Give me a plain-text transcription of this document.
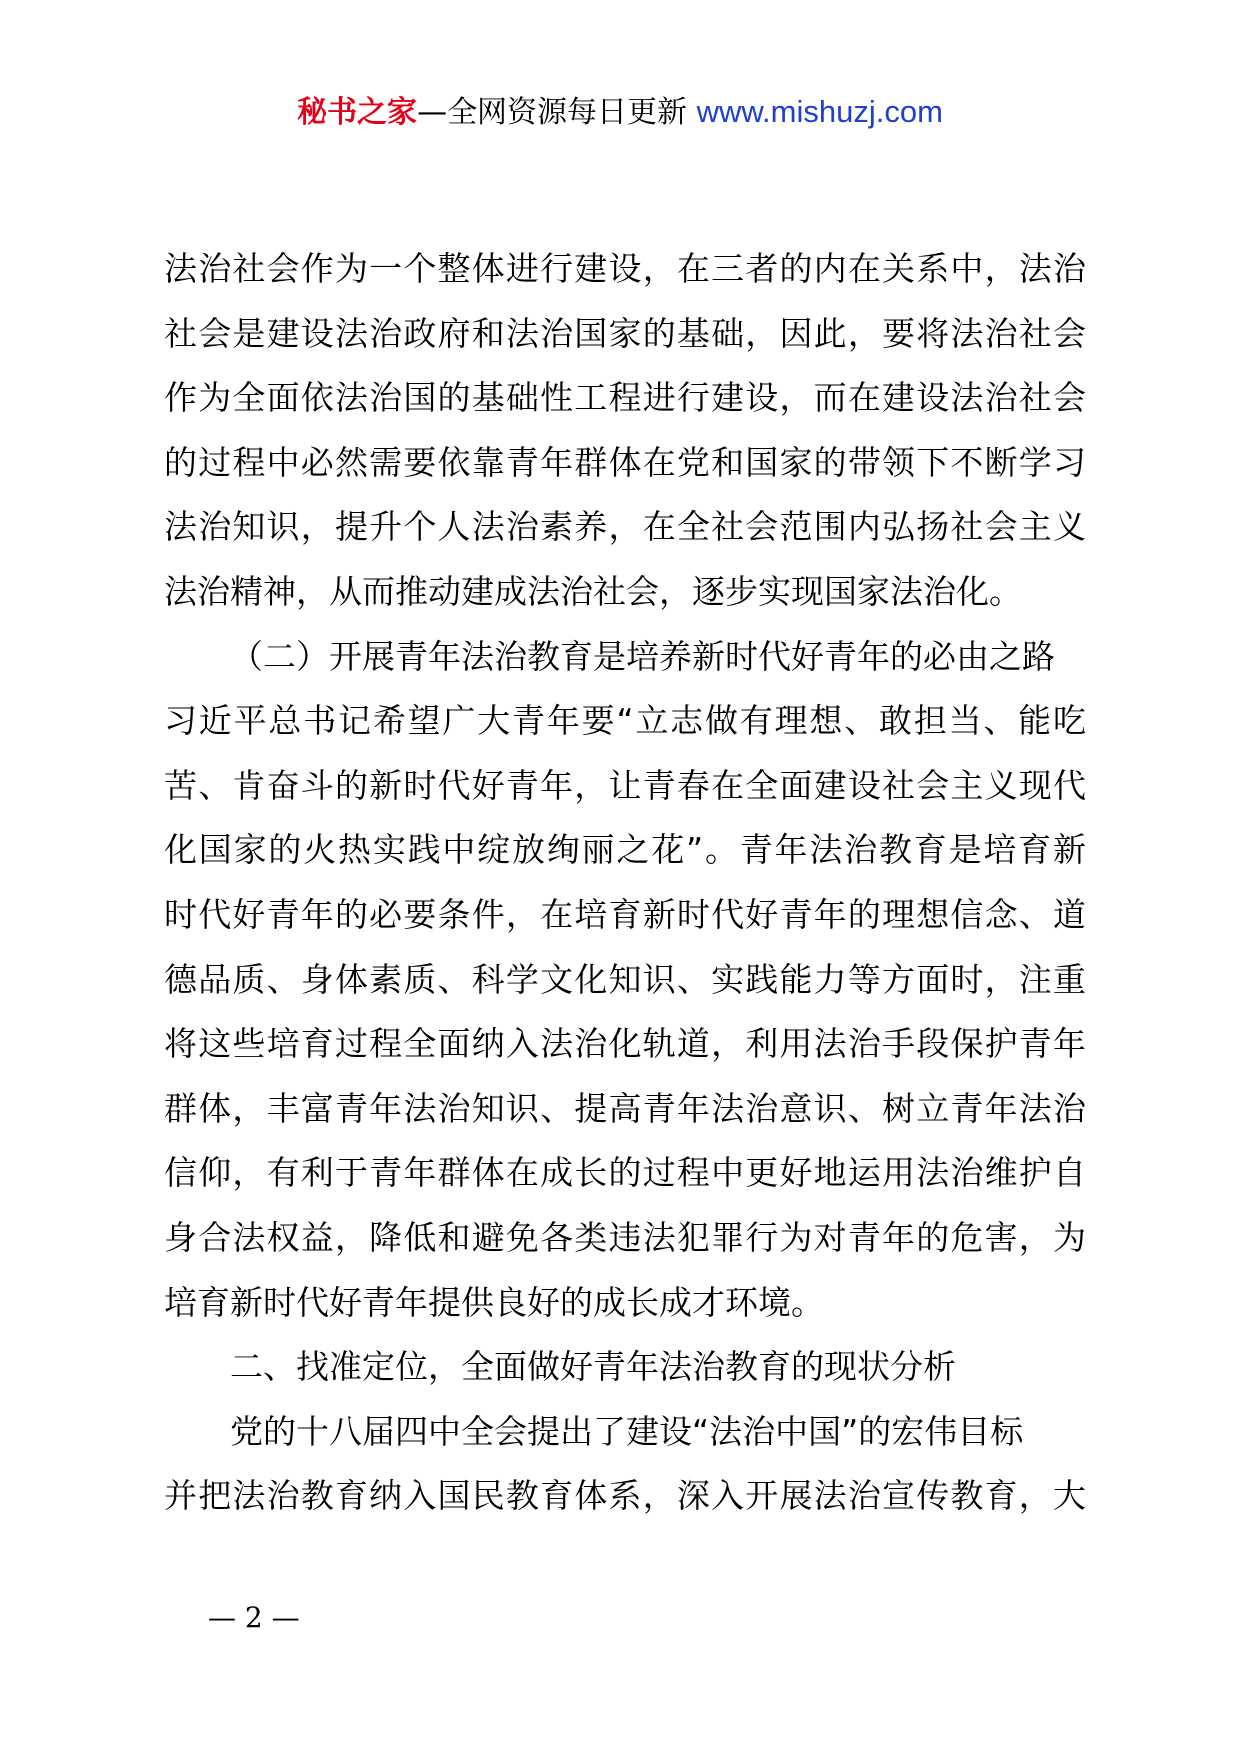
秘书之家—全网资源每日更新 www.mishuzj.com
法治社会作为一个整体进行建设，在三者的内在关系中，法治
社会是建设法治政府和法治国家的基础，因此，要将法治社会
作为全面依法治国的基础性工程进行建设，而在建设法治社会
的过程中必然需要依靠青年群体在党和国家的带领下不断学习
法治知识，提升个人法治素养，在全社会范围内弘扬社会主义
法治精神，从而推动建成法治社会，逐步实现国家法治化。
（二）开展青年法治教育是培养新时代好青年的必由之路
习近平总书记希望广大青年要“立志做有理想、敢担当、能吃
苦、肯奋斗的新时代好青年，让青春在全面建设社会主义现代
化国家的火热实践中绽放绚丽之花”。青年法治教育是培育新
时代好青年的必要条件，在培育新时代好青年的理想信念、道
德品质、身体素质、科学文化知识、实践能力等方面时，注重
将这些培育过程全面纳入法治化轨道，利用法治手段保护青年
群体，丰富青年法治知识、提高青年法治意识、树立青年法治
信仰，有利于青年群体在成长的过程中更好地运用法治维护自
身合法权益，降低和避免各类违法犯罪行为对青年的危害，为
培育新时代好青年提供良好的成长成才环境。
二、找准定位，全面做好青年法治教育的现状分析
党的十八届四中全会提出了建设“法治中国”的宏伟目标
并把法治教育纳入国民教育体系，深入开展法治宣传教育，大
— 2 —
